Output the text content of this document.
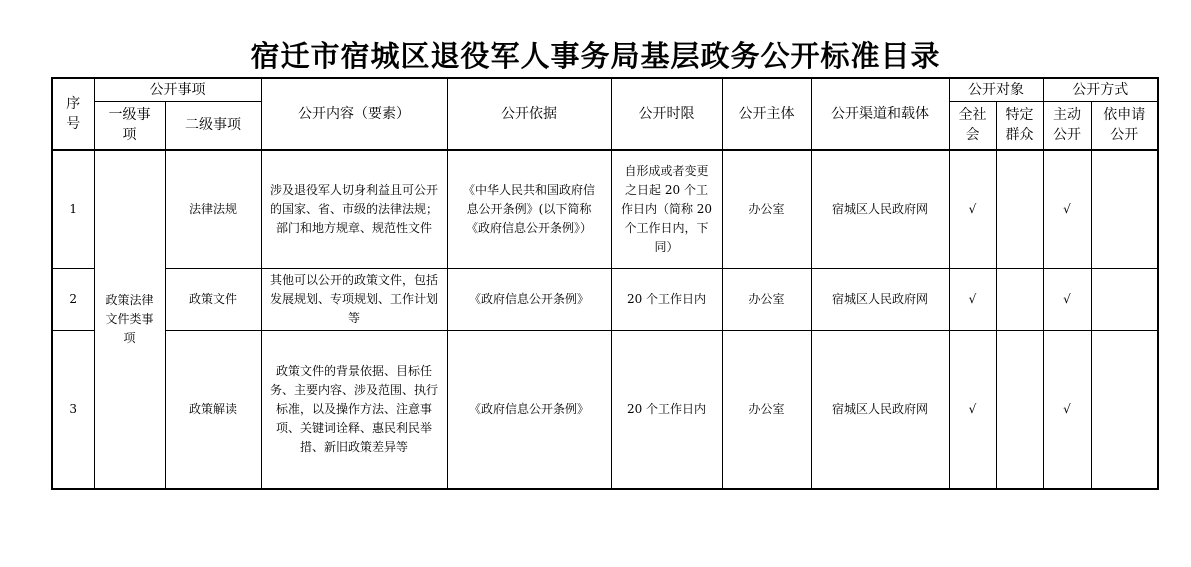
宿迁市宿城区退役军人事务局基层政务公开标准目录
序号	公开事项		公开内容（要素）	公开依据	公开时限	公开主体	公开渠道和载体	公开对象		公开方式	
	一级事项	二级事项						全社会	特定群众	主动公开	依申请公开
1	政策法律文件类事项	法律法规	涉及退役军人切身利益且可公开的国家、省、市级的法律法规；部门和地方规章、规范性文件	《中华人民共和国政府信息公开条例》(以下简称《政府信息公开条例》）	自形成或者变更之日起 20 个工作日内（简称 20 个工作日内，下同）	办公室	宿城区人民政府网	√		√	
2		政策文件	其他可以公开的政策文件，包括发展规划、专项规划、工作计划等	《政府信息公开条例》	20 个工作日内	办公室	宿城区人民政府网	√		√	
3		政策解读	政策文件的背景依据、目标任务、主要内容、涉及范围、执行标准，以及操作方法、注意事项、关键词诠释、惠民利民举措、新旧政策差异等	《政府信息公开条例》	20 个工作日内	办公室	宿城区人民政府网	√		√	
